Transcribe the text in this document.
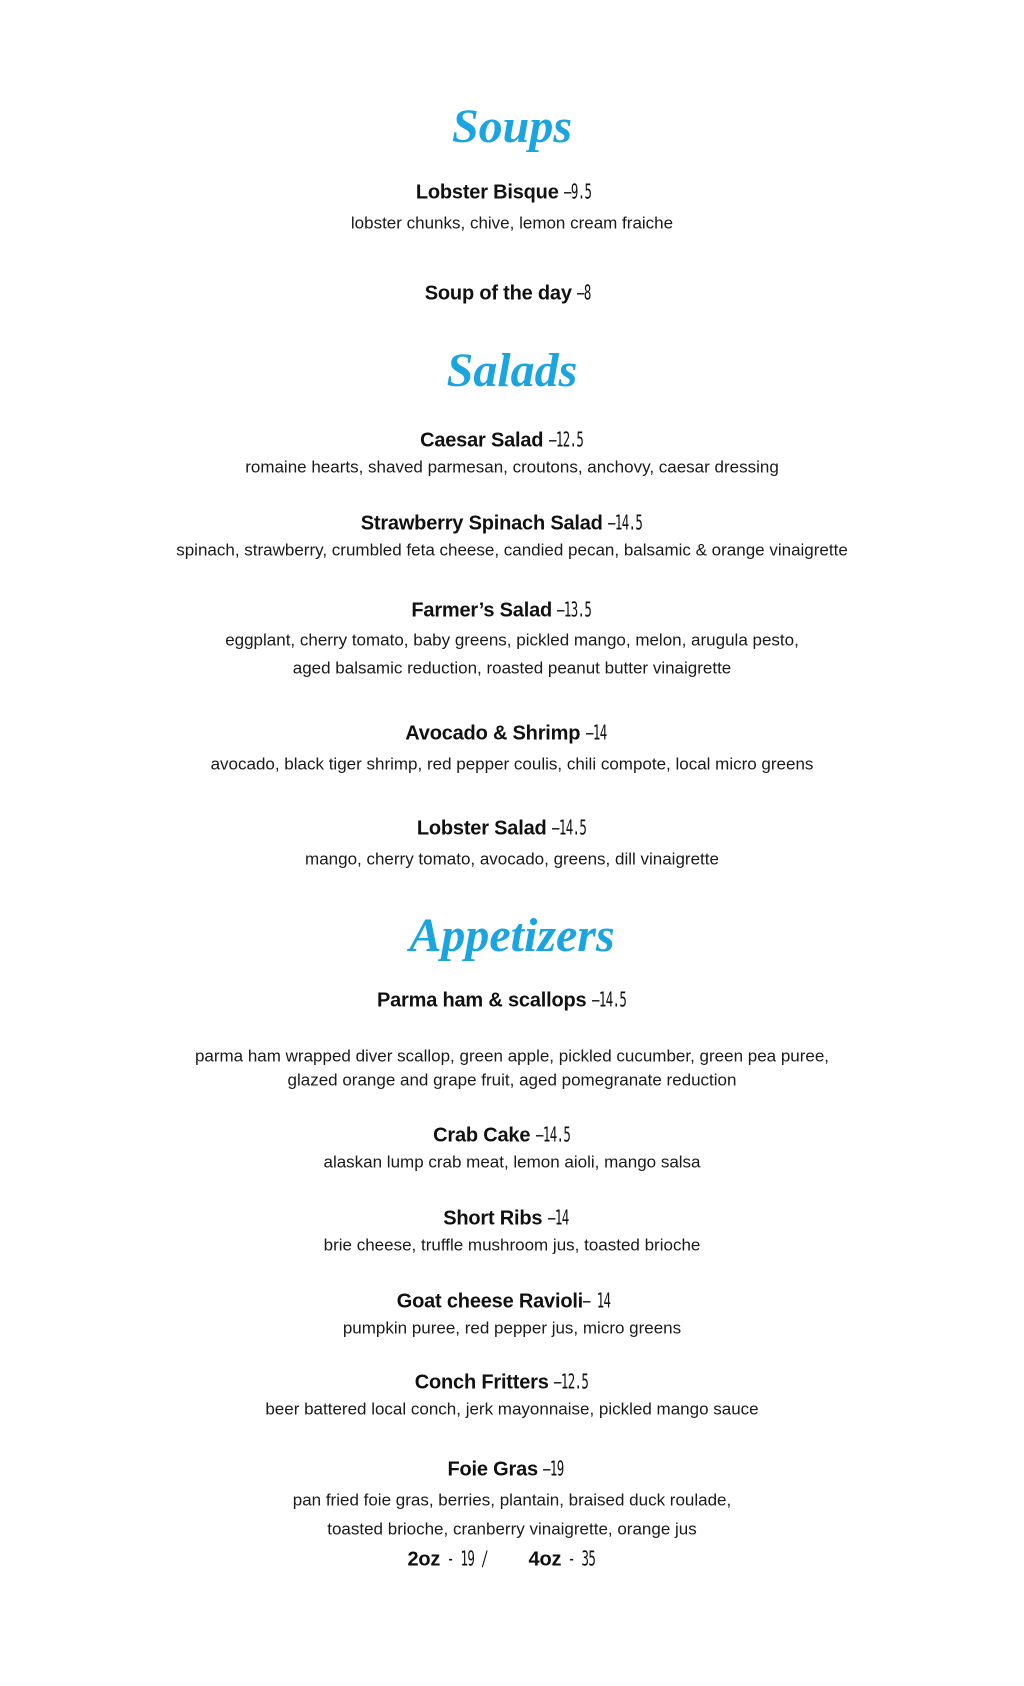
Soups
Lobster Bisque –9.5
lobster chunks, chive, lemon cream fraiche
Soup of the day –8
Salads
Caesar Salad –12.5
romaine hearts, shaved parmesan, croutons, anchovy, caesar dressing
Strawberry Spinach Salad –14.5
spinach, strawberry, crumbled feta cheese, candied pecan, balsamic & orange vinaigrette
Farmer’s Salad –13.5
eggplant, cherry tomato, baby greens, pickled mango, melon, arugula pesto,
aged balsamic reduction, roasted peanut butter vinaigrette
Avocado & Shrimp –14
avocado, black tiger shrimp, red pepper coulis, chili compote, local micro greens
Lobster Salad –14.5
mango, cherry tomato, avocado, greens, dill vinaigrette
Appetizers
Parma ham & scallops –14.5
parma ham wrapped diver scallop, green apple, pickled cucumber, green pea puree,
glazed orange and grape fruit, aged pomegranate reduction
Crab Cake –14.5
alaskan lump crab meat, lemon aioli, mango salsa
Short Ribs –14
brie cheese, truffle mushroom jus, toasted brioche
Goat cheese Ravioli– 14
pumpkin puree, red pepper jus, micro greens
Conch Fritters –12.5
beer battered local conch, jerk mayonnaise, pickled mango sauce
Foie Gras –19
pan fried foie gras, berries, plantain, braised duck roulade,
toasted brioche, cranberry vinaigrette, orange jus
2oz - 19 / 4oz - 35
